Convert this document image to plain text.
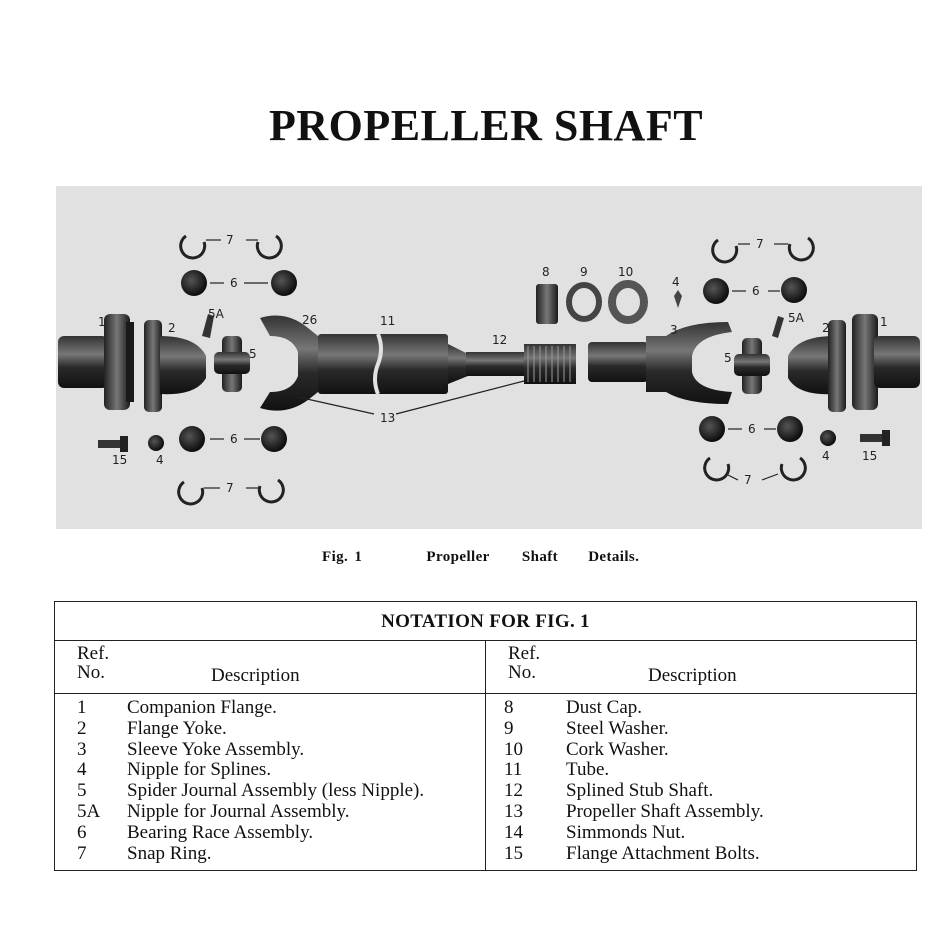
PROPELLER SHAFT
7
6
1	2
5A
5
26	11
12
13
15 4
6
7
8	9	10
4
3
5
5A
2	1
7
6
6
7
4	15
Fig. 1	Propeller Shaft Details.
NOTATION FOR FIG. 1
Ref.
No.	Description
1	Companion Flange.
2	Flange Yoke.
3	Sleeve Yoke Assembly.
4	Nipple for Splines.
5	Spider Journal Assembly (less Nipple).
5A	Nipple for Journal Assembly.
6	Bearing Race Assembly.
7	Snap Ring.
Ref.
No.	Description
8	Dust Cap.
9	Steel Washer.
10	Cork Washer.
11	Tube.
12	Splined Stub Shaft.
13	Propeller Shaft Assembly.
14	Simmonds Nut.
15	Flange Attachment Bolts.
